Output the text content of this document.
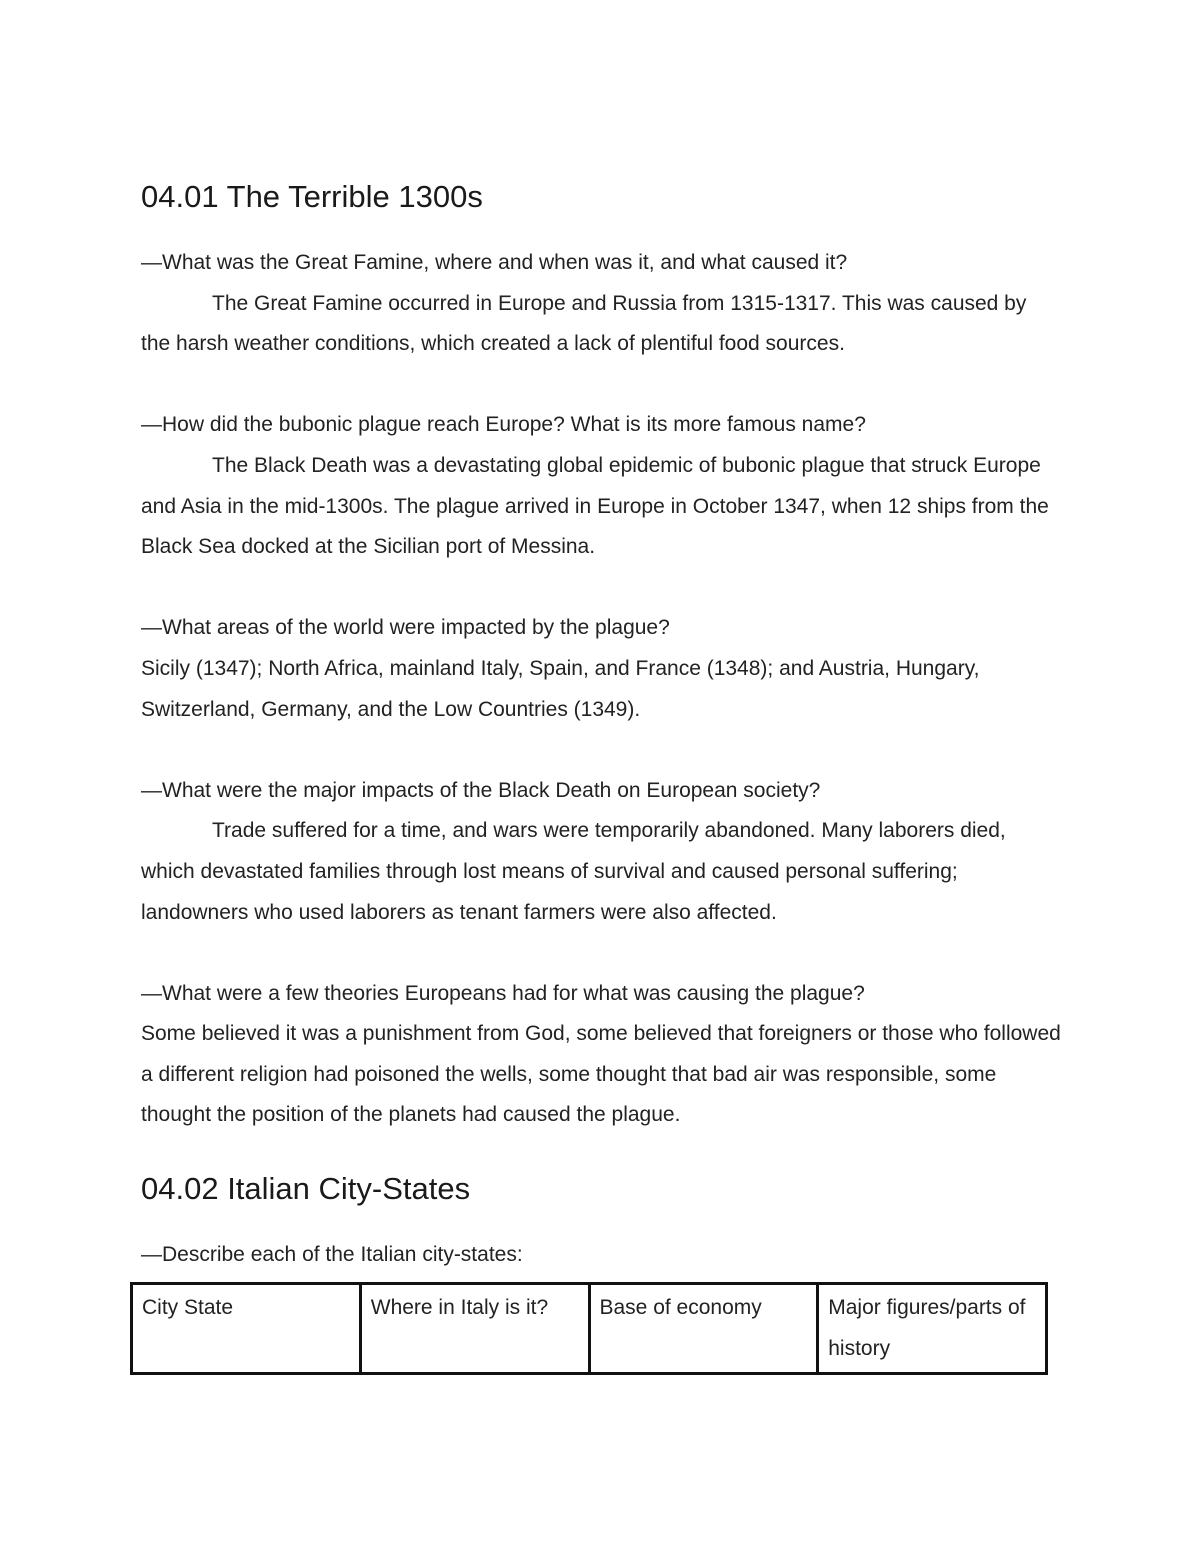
04.01 The Terrible 1300s

—What was the Great Famine, where and when was it, and what caused it?

The Great Famine occurred in Europe and Russia from 1315-1317. This was caused by the harsh weather conditions, which created a lack of plentiful food sources.

—How did the bubonic plague reach Europe? What is its more famous name?

The Black Death was a devastating global epidemic of bubonic plague that struck Europe and Asia in the mid-1300s. The plague arrived in Europe in October 1347, when 12 ships from the Black Sea docked at the Sicilian port of Messina.

—What areas of the world were impacted by the plague?

Sicily (1347); North Africa, mainland Italy, Spain, and France (1348); and Austria, Hungary, Switzerland, Germany, and the Low Countries (1349).

—What were the major impacts of the Black Death on European society?

Trade suffered for a time, and wars were temporarily abandoned. Many laborers died, which devastated families through lost means of survival and caused personal suffering; landowners who used laborers as tenant farmers were also affected.

—What were a few theories Europeans had for what was causing the plague?

Some believed it was a punishment from God, some believed that foreigners or those who followed a different religion had poisoned the wells, some thought that bad air was responsible, some thought the position of the planets had caused the plague.

04.02 Italian City-States

—Describe each of the Italian city-states:

City State	Where in Italy is it?	Base of economy	Major figures/parts of history
